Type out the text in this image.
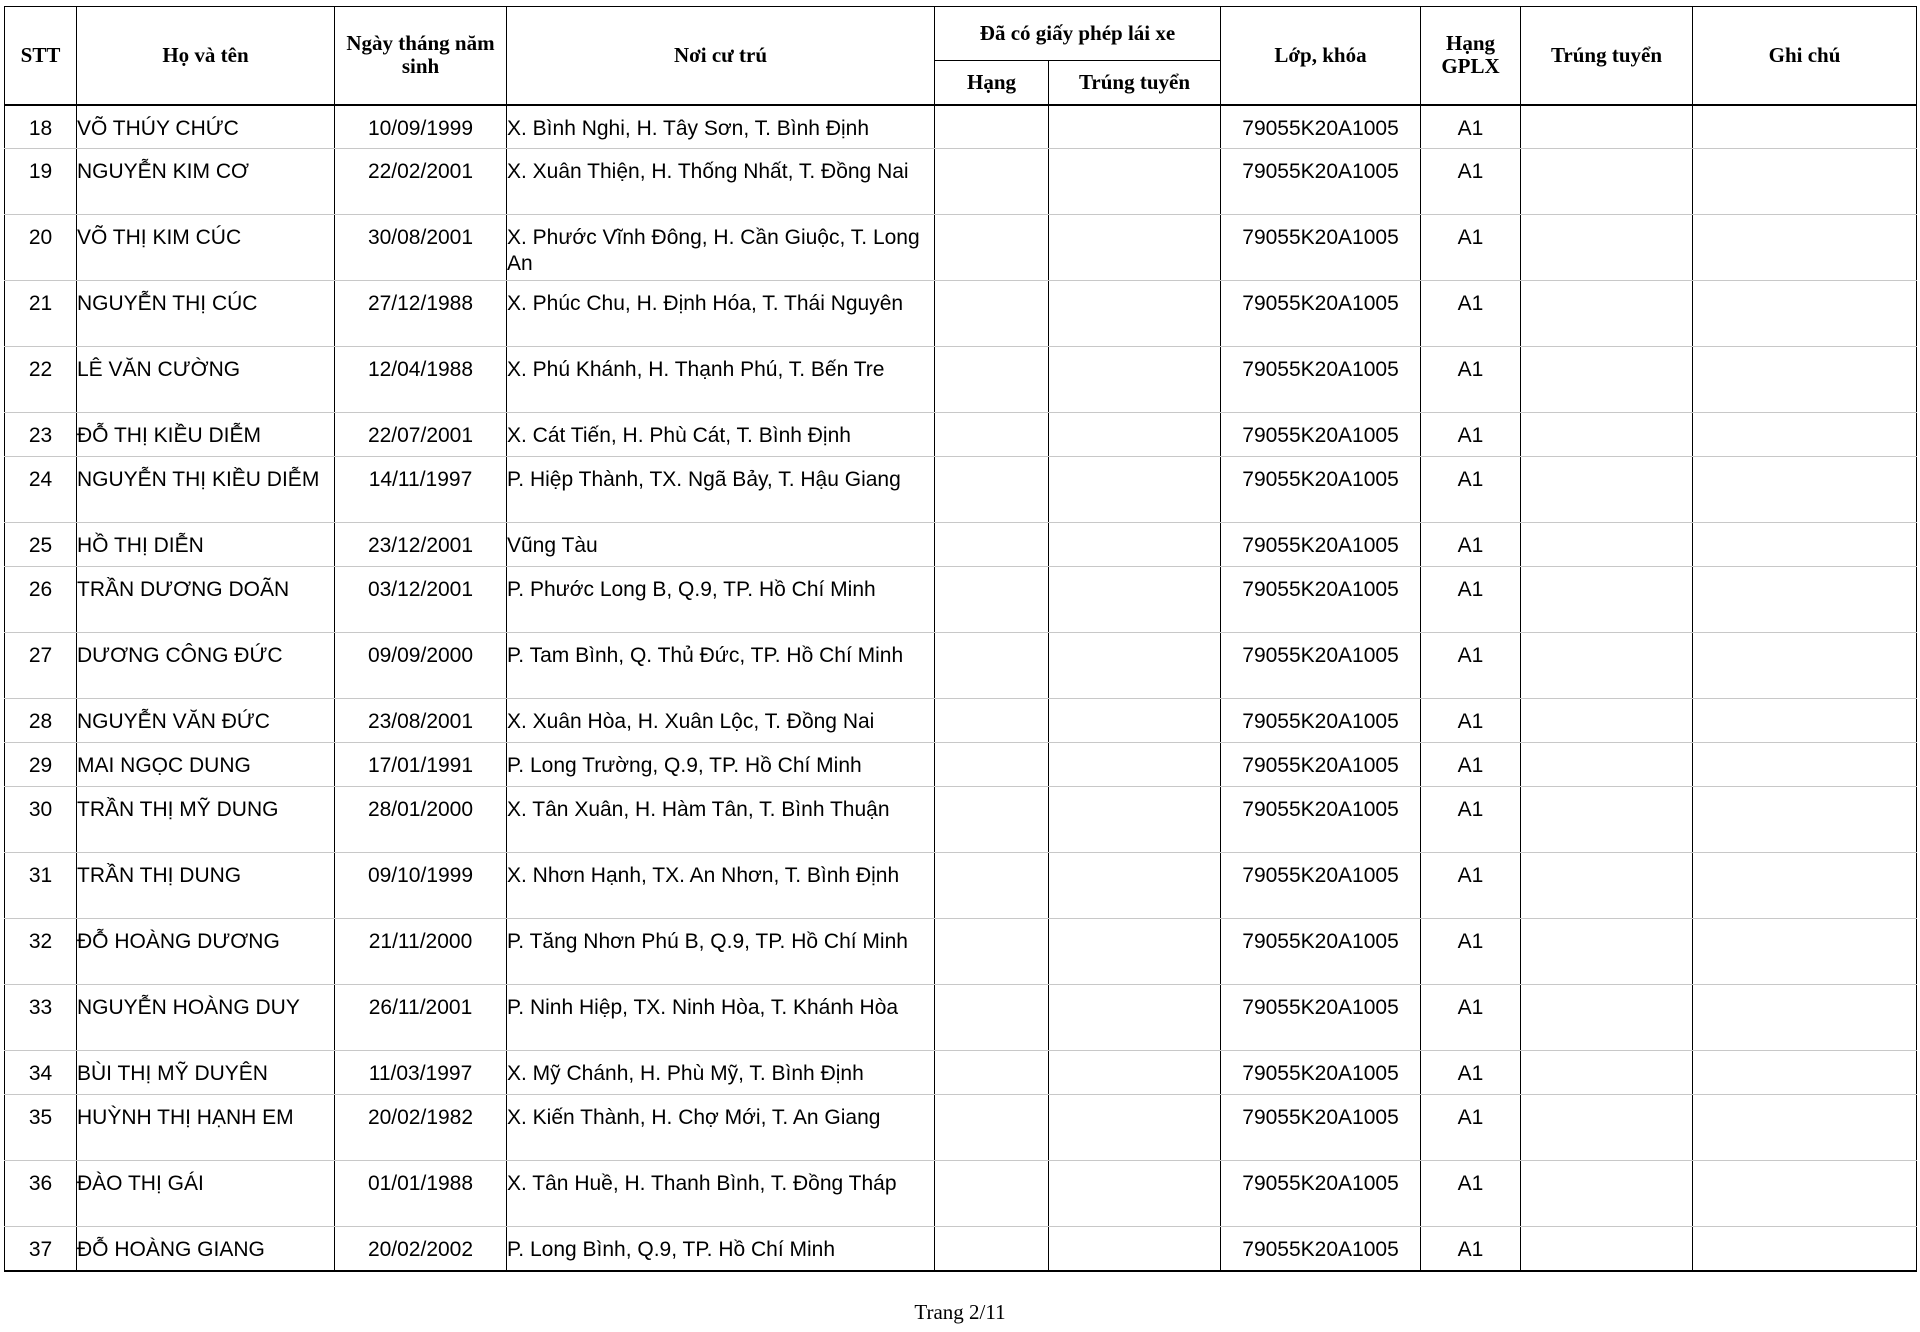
STT	Họ và tên	Ngày tháng năm sinh	Nơi cư trú	Đã có giấy phép lái xe		Lớp, khóa	Hạng GPLX	Trúng tuyển	Ghi chú
				Hạng	Trúng tuyển				
18	VÕ THÚY CHỨC	10/09/1999	X. Bình Nghi, H. Tây Sơn, T. Bình Định			79055K20A1005	A1		
19	NGUYỄN KIM CƠ	22/02/2001	X. Xuân Thiện, H. Thống Nhất, T. Đồng Nai			79055K20A1005	A1		
20	VÕ THỊ KIM CÚC	30/08/2001	X. Phước Vĩnh Đông, H. Cần Giuộc, T. Long An			79055K20A1005	A1		
21	NGUYỄN THỊ CÚC	27/12/1988	X. Phúc Chu, H. Định Hóa, T. Thái Nguyên			79055K20A1005	A1		
22	LÊ VĂN CƯỜNG	12/04/1988	X. Phú Khánh, H. Thạnh Phú, T. Bến Tre			79055K20A1005	A1		
23	ĐỖ THỊ KIỀU DIỄM	22/07/2001	X. Cát Tiến, H. Phù Cát, T. Bình Định			79055K20A1005	A1		
24	NGUYỄN THỊ KIỀU DIỄM	14/11/1997	P. Hiệp Thành, TX. Ngã Bảy, T. Hậu Giang			79055K20A1005	A1		
25	HỒ THỊ DIỄN	23/12/2001	Vũng Tàu			79055K20A1005	A1		
26	TRẦN DƯƠNG DOÃN	03/12/2001	P. Phước Long B, Q.9, TP. Hồ Chí Minh			79055K20A1005	A1		
27	DƯƠNG CÔNG ĐỨC	09/09/2000	P. Tam Bình, Q. Thủ Đức, TP. Hồ Chí Minh			79055K20A1005	A1		
28	NGUYỄN VĂN ĐỨC	23/08/2001	X. Xuân Hòa, H. Xuân Lộc, T. Đồng Nai			79055K20A1005	A1		
29	MAI NGỌC DUNG	17/01/1991	P. Long Trường, Q.9, TP. Hồ Chí Minh			79055K20A1005	A1		
30	TRẦN THỊ MỸ DUNG	28/01/2000	X. Tân Xuân, H. Hàm Tân, T. Bình Thuận			79055K20A1005	A1		
31	TRẦN THỊ DUNG	09/10/1999	X. Nhơn Hạnh, TX. An Nhơn, T. Bình Định			79055K20A1005	A1		
32	ĐỖ HOÀNG DƯƠNG	21/11/2000	P. Tăng Nhơn Phú B, Q.9, TP. Hồ Chí Minh			79055K20A1005	A1		
33	NGUYỄN HOÀNG DUY	26/11/2001	P. Ninh Hiệp, TX. Ninh Hòa, T. Khánh Hòa			79055K20A1005	A1		
34	BÙI THỊ MỸ DUYÊN	11/03/1997	X. Mỹ Chánh, H. Phù Mỹ, T. Bình Định			79055K20A1005	A1		
35	HUỲNH THỊ HẠNH EM	20/02/1982	X. Kiến Thành, H. Chợ Mới, T. An Giang			79055K20A1005	A1		
36	ĐÀO THỊ GÁI	01/01/1988	X. Tân Huề, H. Thanh Bình, T. Đồng Tháp			79055K20A1005	A1		
37	ĐỖ HOÀNG GIANG	20/02/2002	P. Long Bình, Q.9, TP. Hồ Chí Minh			79055K20A1005	A1		
Trang 2/11
